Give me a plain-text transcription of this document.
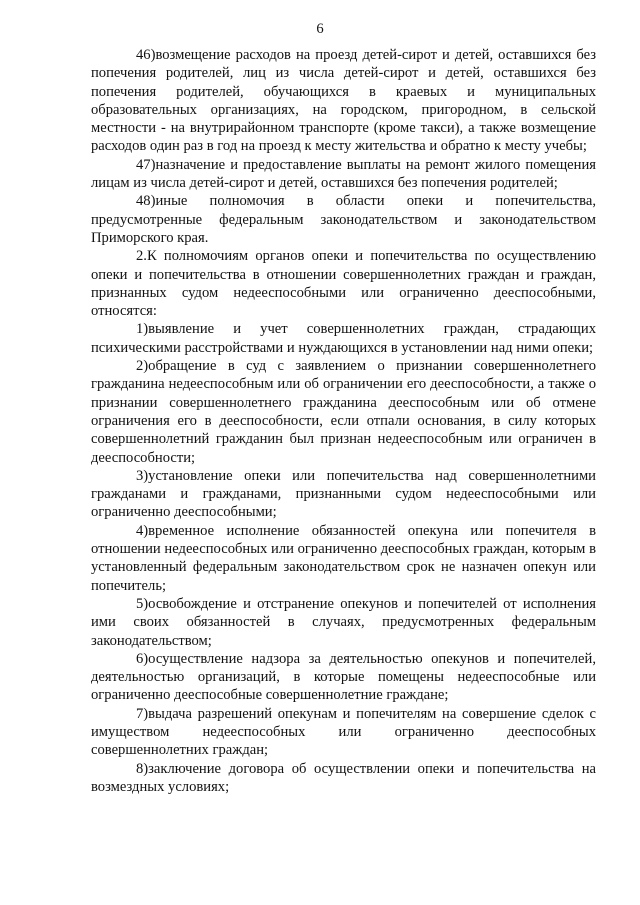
6

46)возмещение расходов на проезд детей-сирот и детей, оставшихся без попечения родителей, лиц из числа детей-сирот и детей, оставшихся без попечения родителей, обучающихся в краевых и муниципальных образовательных организациях, на городском, пригородном, в сельской местности - на внутрирайонном транспорте (кроме такси), а также возмещение расходов один раз в год на проезд к месту жительства и обратно к месту учебы;

47)назначение и предоставление выплаты на ремонт жилого помещения лицам из числа детей-сирот и детей, оставшихся без попечения родителей;

48)иные полномочия в области опеки и попечительства, предусмотренные федеральным законодательством и законодательством Приморского края.

2.К полномочиям органов опеки и попечительства по осуществлению опеки и попечительства в отношении совершеннолетних граждан и граждан, признанных судом недееспособными или ограниченно дееспособными, относятся:

1)выявление и учет совершеннолетних граждан, страдающих психическими расстройствами и нуждающихся в установлении над ними опеки;

2)обращение в суд с заявлением о признании совершеннолетнего гражданина недееспособным или об ограничении его дееспособности, а также о признании совершеннолетнего гражданина дееспособным или об отмене ограничения его в дееспособности, если отпали основания, в силу которых совершеннолетний гражданин был признан недееспособным или ограничен в дееспособности;

3)установление опеки или попечительства над совершеннолетними гражданами и гражданами, признанными судом недееспособными или ограниченно дееспособными;

4)временное исполнение обязанностей опекуна или попечителя в отношении недееспособных или ограниченно дееспособных граждан, которым в установленный федеральным законодательством срок не назначен опекун или попечитель;

5)освобождение и отстранение опекунов и попечителей от исполнения ими своих обязанностей в случаях, предусмотренных федеральным законодательством;

6)осуществление надзора за деятельностью опекунов и попечителей, деятельностью организаций, в которые помещены недееспособные или ограниченно дееспособные совершеннолетние граждане;

7)выдача разрешений опекунам и попечителям на совершение сделок с имуществом недееспособных или ограниченно дееспособных совершеннолетних граждан;

8)заключение договора об осуществлении опеки и попечительства на возмездных условиях;
